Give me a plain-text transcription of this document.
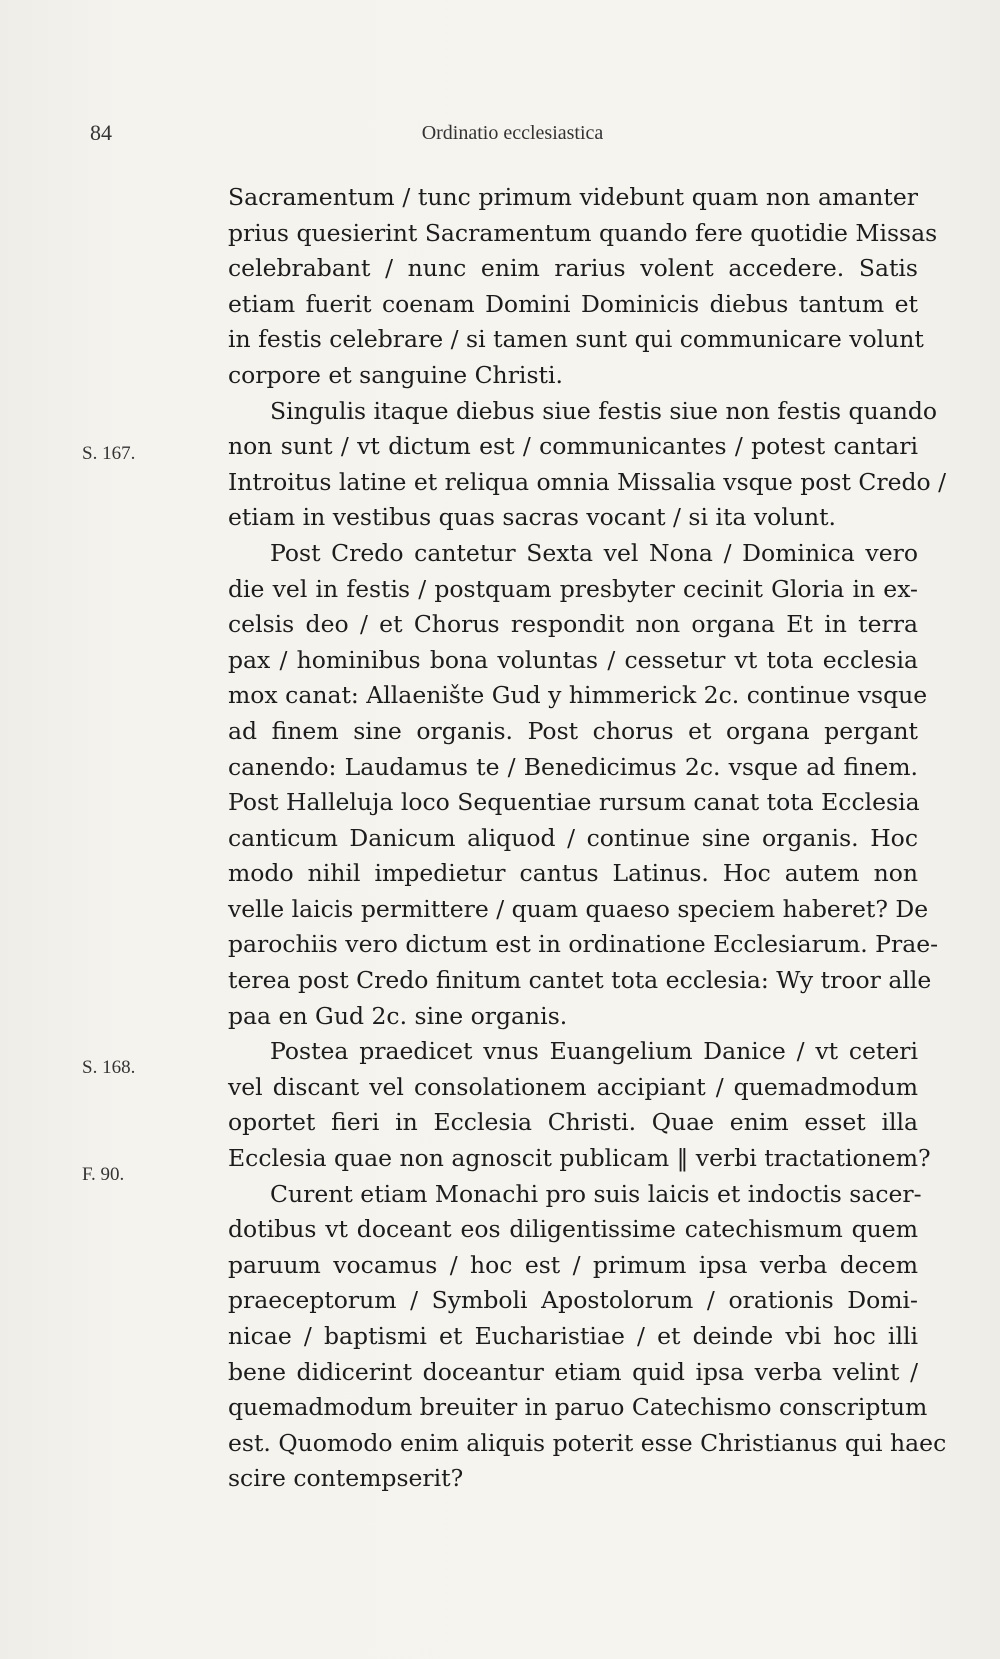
84	Ordinatio ecclesiastica
S. 167.
S. 168.
F. 90.
Sacramentum / tunc primum videbunt quam non amanter
prius quesierint Sacramentum quando fere quotidie Missas
celebrabant / nunc enim rarius volent accedere. Satis
etiam fuerit coenam Domini Dominicis diebus tantum et
in festis celebrare / si tamen sunt qui communicare volunt
corpore et sanguine Christi.
Singulis itaque diebus siue festis siue non festis quando
non sunt / vt dictum est / communicantes / potest cantari
Introitus latine et reliqua omnia Missalia vsque post Credo /
etiam in vestibus quas sacras vocant / si ita volunt.
Post Credo cantetur Sexta vel Nona / Dominica vero
die vel in festis / postquam presbyter cecinit Gloria in ex-
celsis deo / et Chorus respondit non organa Et in terra
pax / hominibus bona voluntas / cessetur vt tota ecclesia
mox canat: Allaenište Gud y himmerick 2c. continue vsque
ad finem sine organis. Post chorus et organa pergant
canendo: Laudamus te / Benedicimus 2c. vsque ad finem.
Post Halleluja loco Sequentiae rursum canat tota Ecclesia
canticum Danicum aliquod / continue sine organis. Hoc
modo nihil impedietur cantus Latinus. Hoc autem non
velle laicis permittere / quam quaeso speciem haberet? De
parochiis vero dictum est in ordinatione Ecclesiarum. Prae-
terea post Credo finitum cantet tota ecclesia: Wy troor alle
paa en Gud 2c. sine organis.
Postea praedicet vnus Euangelium Danice / vt ceteri
vel discant vel consolationem accipiant / quemadmodum
oportet fieri in Ecclesia Christi. Quae enim esset illa
Ecclesia quae non agnoscit publicam ‖ verbi tractationem?
Curent etiam Monachi pro suis laicis et indoctis sacer-
dotibus vt doceant eos diligentissime catechismum quem
paruum vocamus / hoc est / primum ipsa verba decem
praeceptorum / Symboli Apostolorum / orationis Domi-
nicae / baptismi et Eucharistiae / et deinde vbi hoc illi
bene didicerint doceantur etiam quid ipsa verba velint /
quemadmodum breuiter in paruo Catechismo conscriptum
est. Quomodo enim aliquis poterit esse Christianus qui haec
scire contempserit?
